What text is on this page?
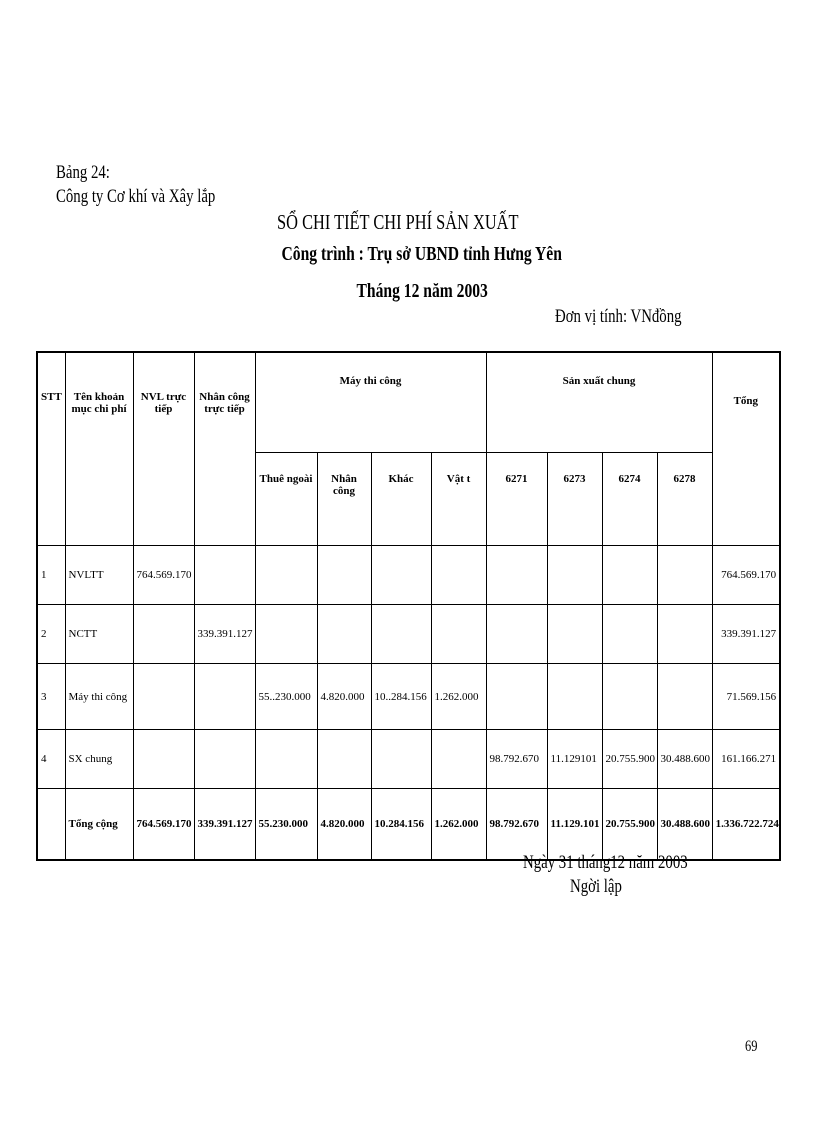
Bảng 24:
Công ty Cơ khí và Xây lắp
SỔ CHI TIẾT CHI PHÍ SẢN XUẤT
Công trình : Trụ sở UBND tỉnh Hưng Yên
Tháng 12 năm 2003
Đơn vị tính: VNđồng
STT	Tên khoản mục chi phí	NVL trực tiếp	Nhân công trực tiếp	Máy thi công				Sản xuất chung				Tổng
				Thuê ngoài	Nhân công	Khác	Vật t	6271	6273	6274	6278	
1	NVLTT	764.569.170										764.569.170
2	NCTT		339.391.127									339.391.127
3	Máy thi công			55..230.000	4.820.000	10..284.156	1.262.000					71.569.156
4	SX chung							98.792.670	11.129101	20.755.900	30.488.600	161.166.271
	Tổng cộng	764.569.170	339.391.127	55.230.000	4.820.000	10.284.156	1.262.000	98.792.670	11.129.101	20.755.900	30.488.600	1.336.722.724
Ngày 31 tháng12 năm 2003
Ngời lập
69
